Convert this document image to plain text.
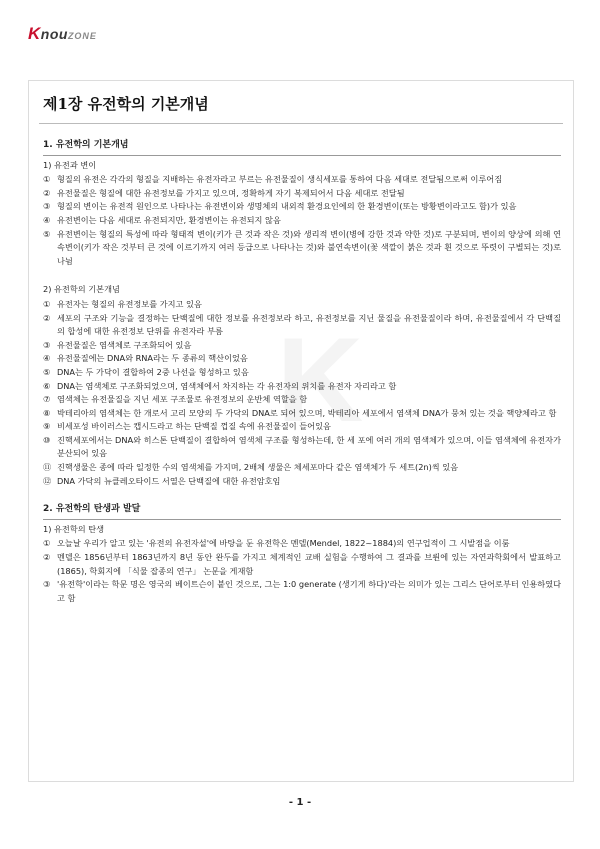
KnouZONE
K
제1장 유전학의 기본개념
1. 유전학의 기본개념
1) 유전과 변이
① 형질의 유전은 각각의 형질을 지배하는 유전자라고 부르는 유전물질이 생식세포를 통하여 다음 세대로 전달됨으로써 이루어짐
② 유전물질은 형질에 대한 유전정보를 가지고 있으며, 정확하게 자기 복제되어서 다음 세대로 전달됨
③ 형질의 변이는 유전적 원인으로 나타나는 유전변이와 생명체의 내외적 환경요인에의 한 환경변이(또는 방황변이라고도 함)가 있음
④ 유전변이는 다음 세대로 유전되지만, 환경변이는 유전되지 않음
⑤ 유전변이는 형질의 특성에 따라 형태적 변이(키가 큰 것과 작은 것)와 생리적 변이(병에 강한 것과 약한 것)로 구분되며, 변이의 양상에 의해 연속변이(키가 작은 것부터 큰 것에 이르기까지 여러 등급으로 나타나는 것)와 불연속변이(꽃 색깔이 붉은 것과 흰 것으로 뚜렷이 구별되는 것)로 나뉨
2) 유전학의 기본개념
① 유전자는 형질의 유전정보를 가지고 있음
② 세포의 구조와 기능을 결정하는 단백질에 대한 정보를 유전정보라 하고, 유전정보를 지닌 물질을 유전물질이라 하며, 유전물질에서 각 단백질의 합성에 대한 유전정보 단위를 유전자라 부름
③ 유전물질은 염색체로 구조화되어 있음
④ 유전물질에는 DNA와 RNA라는 두 종류의 핵산이었음
⑤ DNA는 두 가닥이 결합하여 2중 나선을 형성하고 있음
⑥ DNA는 염색체로 구조화되었으며, 염색체에서 차지하는 각 유전자의 위치를 유전자 자리라고 함
⑦ 염색체는 유전물질을 지닌 세포 구조물로 유전정보의 운반체 역할을 함
⑧ 박테리아의 염색체는 한 개로서 고리 모양의 두 가닥의 DNA로 되어 있으며, 박테리아 세포에서 염색체 DNA가 뭉쳐 있는 것을 핵양체라고 함
⑨ 비세포성 바이러스는 캡시드라고 하는 단백질 껍질 속에 유전물질이 들어있음
⑩ 진핵세포에서는 DNA와 히스톤 단백질이 결합하여 염색체 구조를 형성하는데, 한 세 포에 여러 개의 염색체가 있으며, 이들 염색체에 유전자가 분산되어 있음
⑪ 진핵생물은 종에 따라 일정한 수의 염색체를 가지며, 2배체 생물은 체세포마다 같은 염색체가 두 세트(2n)씩 있음
⑫ DNA 가닥의 뉴클레오타이드 서열은 단백질에 대한 유전암호임
2. 유전학의 탄생과 발달
1) 유전학의 탄생
① 오늘날 우리가 알고 있는 '유전의 유전자설'에 바탕을 둔 유전학은 멘델(Mendel, 1822~1884)의 연구업적이 그 시발점을 이룸
② 멘델은 1856년부터 1863년까지 8년 동안 완두를 가지고 체계적인 교배 실험을 수행하여 그 결과를 브륀에 있는 자연과학회에서 발표하고(1865), 학회지에 「식물 잡종의 연구」 논문을 게재함
③ '유전학'이라는 학문 명은 영국의 베이트슨이 붙인 것으로, 그는 1:0 generate (생기게 하다)'라는 의미가 있는 그리스 단어로부터 인용하였다고 함
- 1 -
